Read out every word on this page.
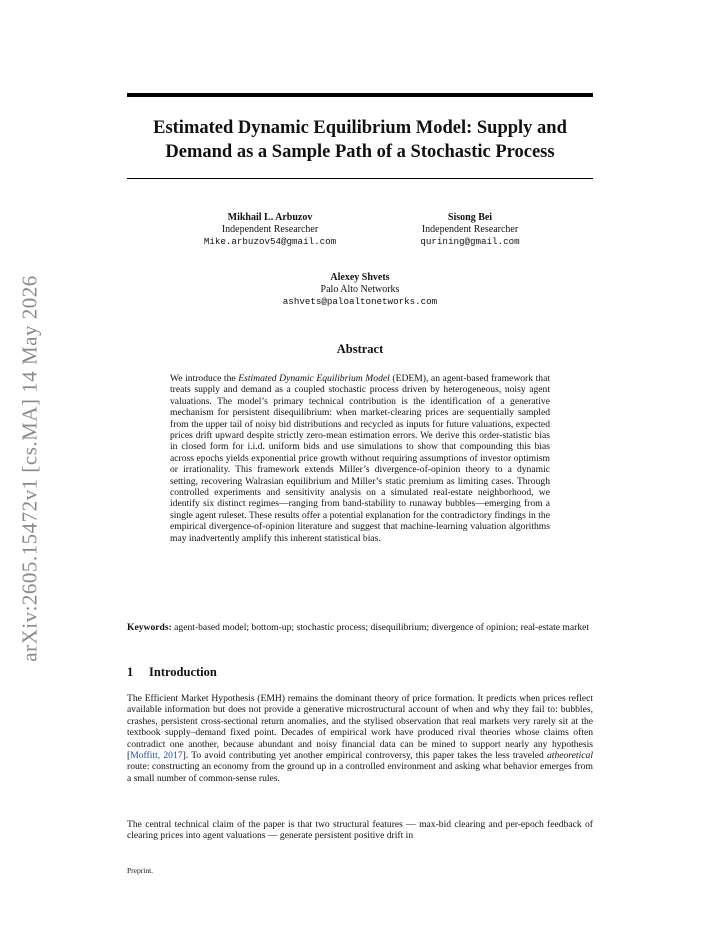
arXiv:2605.15472v1 [cs.MA] 14 May 2026
Estimated Dynamic Equilibrium Model: Supply and Demand as a Sample Path of a Stochastic Process
Mikhail L. Arbuzov
Independent Researcher
Mike.arbuzov54@gmail.com
Sisong Bei
Independent Researcher
qurining@gmail.com
Alexey Shvets
Palo Alto Networks
ashvets@paloaltonetworks.com
Abstract

We introduce the Estimated Dynamic Equilibrium Model (EDEM), an agent-based framework that treats supply and demand as a coupled stochastic process driven by heterogeneous, noisy agent valuations. The model’s primary technical contribution is the identification of a generative mechanism for persistent disequilibrium: when market-clearing prices are sequentially sampled from the upper tail of noisy bid distributions and recycled as inputs for future valuations, expected prices drift upward despite strictly zero-mean estimation errors. We derive this order-statistic bias in closed form for i.i.d. uniform bids and use simulations to show that compounding this bias across epochs yields exponential price growth without requiring assumptions of investor optimism or irrationality. This framework extends Miller’s divergence-of-opinion theory to a dynamic setting, recovering Walrasian equilibrium and Miller’s static premium as limiting cases. Through controlled experiments and sensitivity analysis on a simulated real-estate neighborhood, we identify six distinct regimes—ranging from band-stability to runaway bubbles—emerging from a single agent ruleset. These results offer a potential explanation for the contradictory findings in the empirical divergence-of-opinion literature and suggest that machine-learning valuation algorithms may inadvertently amplify this inherent statistical bias.

Keywords: agent-based model; bottom-up; stochastic process; disequilibrium; divergence of opinion; real-estate market

1 Introduction

The Efficient Market Hypothesis (EMH) remains the dominant theory of price formation. It predicts when prices reflect available information but does not provide a generative microstructural account of when and why they fail to: bubbles, crashes, persistent cross-sectional return anomalies, and the stylised observation that real markets very rarely sit at the textbook supply–demand fixed point. Decades of empirical work have produced rival theories whose claims often contradict one another, because abundant and noisy financial data can be mined to support nearly any hypothesis [Moffitt, 2017]. To avoid contributing yet another empirical controversy, this paper takes the less traveled atheoretical route: constructing an economy from the ground up in a controlled environment and asking what behavior emerges from a small number of common-sense rules.

The central technical claim of the paper is that two structural features — max-bid clearing and per-epoch feedback of clearing prices into agent valuations — generate persistent positive drift in

Preprint.
